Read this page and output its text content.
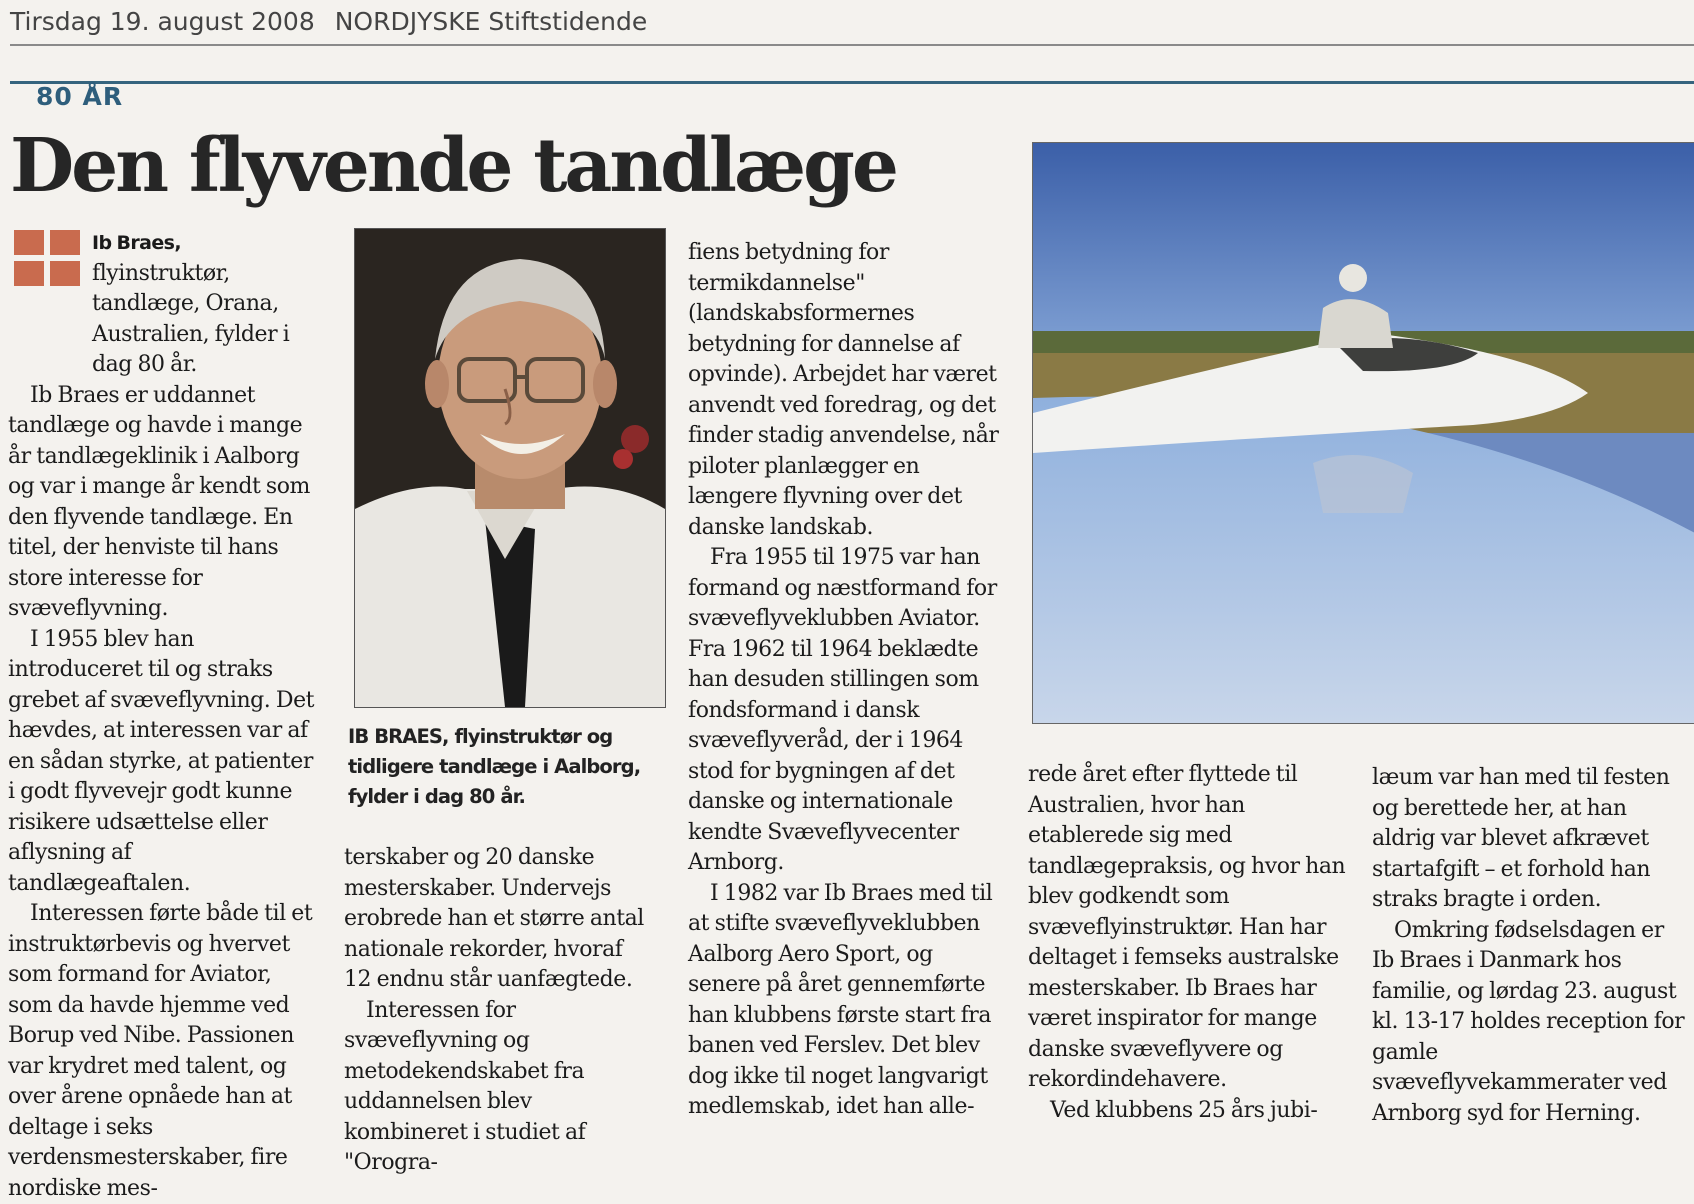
Tirsdag 19. august 2008 NORDJYSKE Stiftstidende
80 ÅR
Den flyvende tandlæge

Ib Braes, flyinstruktør, tandlæge, Orana, Australien, fylder i dag 80 år.

Ib Braes er uddannet tandlæge og havde i mange år tandlægeklinik i Aalborg og var i mange år kendt som den flyvende tandlæge. En titel, der henviste til hans store interesse for svæveflyvning.

I 1955 blev han introduceret til og straks grebet af svæveflyvning. Det hævdes, at interessen var af en sådan styrke, at patienter i godt flyvevejr godt kunne risikere udsættelse eller aflysning af tandlægeaftalen.

Interessen førte både til et instruktørbevis og hvervet som formand for Aviator, som da havde hjemme ved Borup ved Nibe. Passionen var krydret med talent, og over årene opnåede han at deltage i seks verdensmesterskaber, fire nordiske mes-

IB BRAES, flyinstruktør og tidligere tandlæge i Aalborg, fylder i dag 80 år.

terskaber og 20 danske mesterskaber. Undervejs erobrede han et større antal nationale rekorder, hvoraf 12 endnu står uanfægtede.

Interessen for svæveflyvning og metodekendskabet fra uddannelsen blev kombineret i studiet af "Orogra-

fiens betydning for termikdannelse" (landskabsformernes betydning for dannelse af opvinde). Arbejdet har været anvendt ved foredrag, og det finder stadig anvendelse, når piloter planlægger en længere flyvning over det danske landskab.

Fra 1955 til 1975 var han formand og næstformand for svæveflyveklubben Aviator. Fra 1962 til 1964 beklædte han desuden stillingen som fondsformand i dansk svæveflyveråd, der i 1964 stod for bygningen af det danske og internationale kendte Svæveflyvecenter Arnborg.

I 1982 var Ib Braes med til at stifte svæveflyveklubben Aalborg Aero Sport, og senere på året gennemførte han klubbens første start fra banen ved Ferslev. Det blev dog ikke til noget langvarigt medlemskab, idet han alle-

rede året efter flyttede til Australien, hvor han etablerede sig med tandlægepraksis, og hvor han blev godkendt som svæveflyinstruktør. Han har deltaget i femseks australske mesterskaber. Ib Braes har været inspirator for mange danske svæveflyvere og rekordindehavere.

Ved klubbens 25 års jubi-

læum var han med til festen og berettede her, at han aldrig var blevet afkrævet startafgift – et forhold han straks bragte i orden.

Omkring fødselsdagen er Ib Braes i Danmark hos familie, og lørdag 23. august kl. 13-17 holdes reception for gamle svæveflyvekammerater ved Arnborg syd for Herning.
